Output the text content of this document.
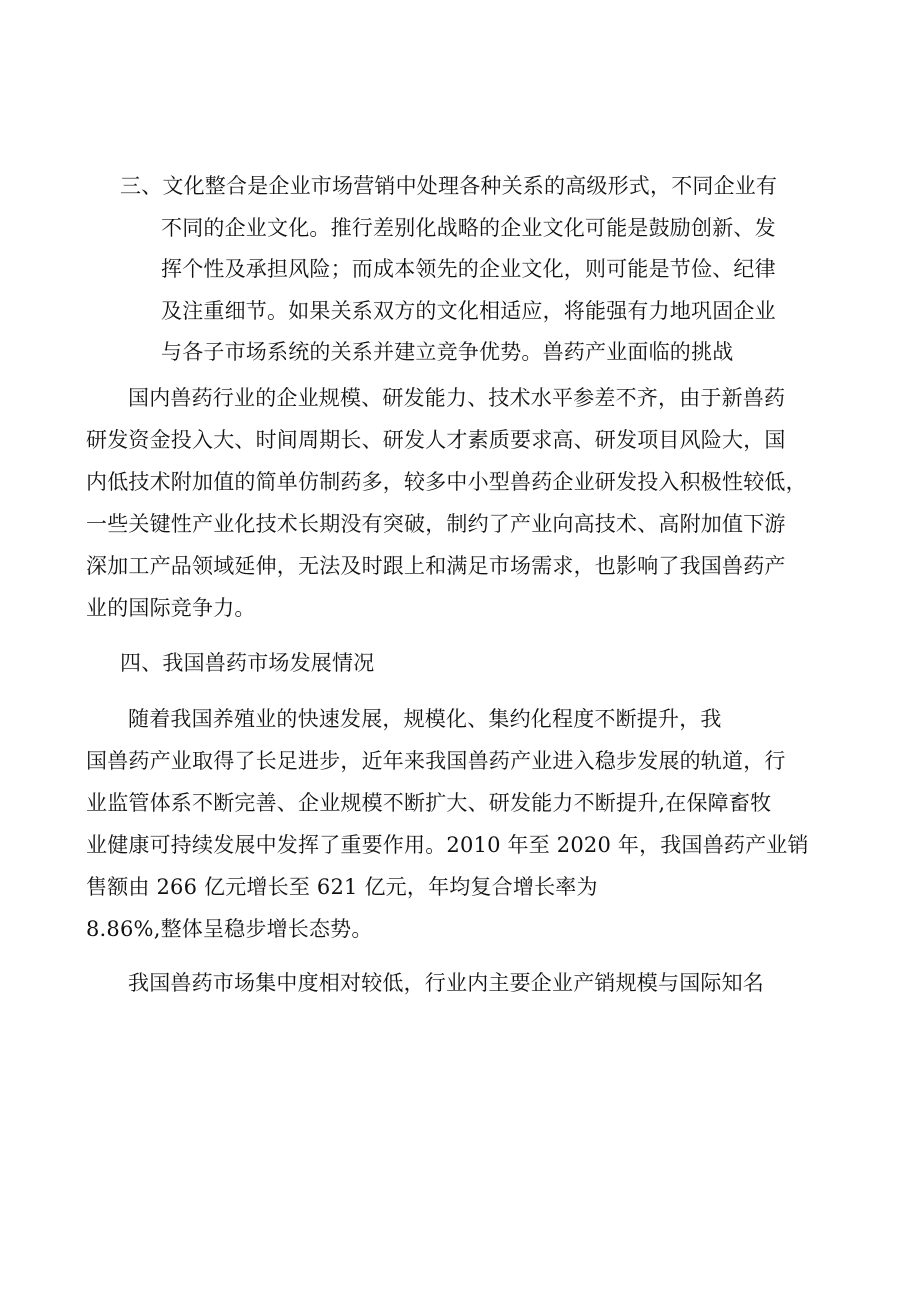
三、文化整合是企业市场营销中处理各种关系的高级形式，不同企业有
不同的企业文化。推行差别化战略的企业文化可能是鼓励创新、发
挥个性及承担风险；而成本领先的企业文化，则可能是节俭、纪律
及注重细节。如果关系双方的文化相适应，将能强有力地巩固企业
与各子市场系统的关系并建立竞争优势。兽药产业面临的挑战
国内兽药行业的企业规模、研发能力、技术水平参差不齐，由于新兽药
研发资金投入大、时间周期长、研发人才素质要求高、研发项目风险大，国
内低技术附加值的简单仿制药多，较多中小型兽药企业研发投入积极性较低，
一些关键性产业化技术长期没有突破，制约了产业向高技术、高附加值下游
深加工产品领域延伸，无法及时跟上和满足市场需求，也影响了我国兽药产
业的国际竞争力。
四、我国兽药市场发展情况
随着我国养殖业的快速发展，规模化、集约化程度不断提升，我
国兽药产业取得了长足进步，近年来我国兽药产业进入稳步发展的轨道，行
业监管体系不断完善、企业规模不断扩大、研发能力不断提升,在保障畜牧
业健康可持续发展中发挥了重要作用。2010 年至 2020 年，我国兽药产业销
售额由 266 亿元增长至 621 亿元，年均复合增长率为
8.86%,整体呈稳步增长态势。
我国兽药市场集中度相对较低，行业内主要企业产销规模与国际知名
